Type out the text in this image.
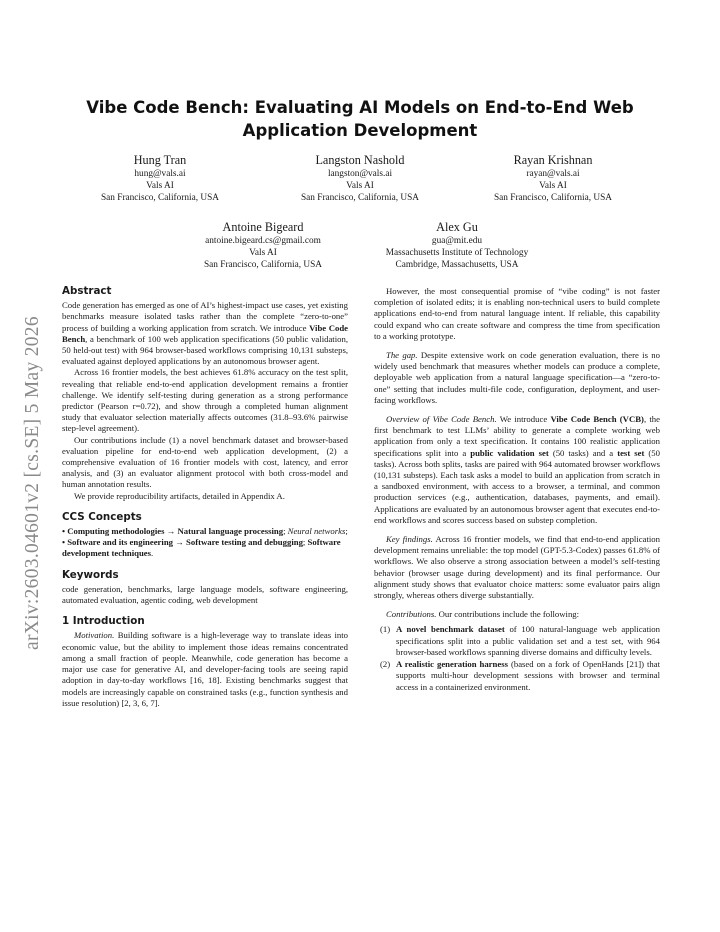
arXiv:2603.04601v2 [cs.SE] 5 May 2026
Vibe Code Bench: Evaluating AI Models on End-to-End Web Application Development
Hung Tran
hung@vals.ai
Vals AI
San Francisco, California, USA
Langston Nashold
langston@vals.ai
Vals AI
San Francisco, California, USA
Rayan Krishnan
rayan@vals.ai
Vals AI
San Francisco, California, USA
Antoine Bigeard
antoine.bigeard.cs@gmail.com
Vals AI
San Francisco, California, USA
Alex Gu
gua@mit.edu
Massachusetts Institute of Technology
Cambridge, Massachusetts, USA
Abstract

Code generation has emerged as one of AI’s highest-impact use cases, yet existing benchmarks measure isolated tasks rather than the complete “zero-to-one” process of building a working application from scratch. We introduce Vibe Code Bench, a benchmark of 100 web application specifications (50 public validation, 50 held-out test) with 964 browser-based workflows comprising 10,131 substeps, evaluated against deployed applications by an autonomous browser agent.

Across 16 frontier models, the best achieves 61.8% accuracy on the test split, revealing that reliable end-to-end application development remains a frontier challenge. We identify self-testing during generation as a strong performance predictor (Pearson r=0.72), and show through a completed human alignment study that evaluator selection materially affects outcomes (31.8–93.6% pairwise step-level agreement).

Our contributions include (1) a novel benchmark dataset and browser-based evaluation pipeline for end-to-end web application development, (2) a comprehensive evaluation of 16 frontier models with cost, latency, and error analysis, and (3) an evaluator alignment protocol with both cross-model and human annotation results.

We provide reproducibility artifacts, detailed in Appendix A.

CCS Concepts

• Computing methodologies → Natural language processing; Neural networks; • Software and its engineering → Software testing and debugging; Software development techniques.

Keywords

code generation, benchmarks, large language models, software engineering, automated evaluation, agentic coding, web development

1 Introduction

Motivation. Building software is a high-leverage way to translate ideas into economic value, but the ability to implement those ideas remains concentrated among a small fraction of people. Meanwhile, code generation has become a major use case for generative AI, and developer-facing tools are seeing rapid adoption in day-to-day workflows [16, 18]. Existing benchmarks suggest that models are increasingly capable on constrained tasks (e.g., function synthesis and issue resolution) [2, 3, 6, 7].

However, the most consequential promise of “vibe coding” is not faster completion of isolated edits; it is enabling non-technical users to build complete applications end-to-end from natural language intent. If reliable, this capability could expand who can create software and compress the time from specification to a working prototype.

The gap. Despite extensive work on code generation evaluation, there is no widely used benchmark that measures whether models can produce a complete, deployable web application from a natural language specification—a “zero-to-one” setting that includes multi-file code, configuration, deployment, and user-facing workflows.

Overview of Vibe Code Bench. We introduce Vibe Code Bench (VCB), the first benchmark to test LLMs’ ability to generate a complete working web application from only a text specification. It contains 100 realistic application specifications split into a public validation set (50 tasks) and a test set (50 tasks). Across both splits, tasks are paired with 964 automated browser workflows (10,131 substeps). Each task asks a model to build an application from scratch in a sandboxed environment, with access to a browser, a terminal, and common production services (e.g., authentication, databases, payments, and email). Applications are evaluated by an autonomous browser agent that executes end-to-end workflows and scores success based on substep completion.

Key findings. Across 16 frontier models, we find that end-to-end application development remains unreliable: the top model (GPT-5.3-Codex) passes 61.8% of workflows. We also observe a strong association between a model’s self-testing behavior (browser usage during development) and its final performance. Our alignment study shows that evaluator choice matters: some evaluator pairs align strongly, whereas others diverge substantially.

Contributions. Our contributions include the following:

(1) A novel benchmark dataset of 100 natural-language web application specifications split into a public validation set and a test set, with 964 browser-based workflows spanning diverse domains and difficulty levels.
(2) A realistic generation harness (based on a fork of OpenHands [21]) that supports multi-hour development sessions with browser and terminal access in a containerized environment.
